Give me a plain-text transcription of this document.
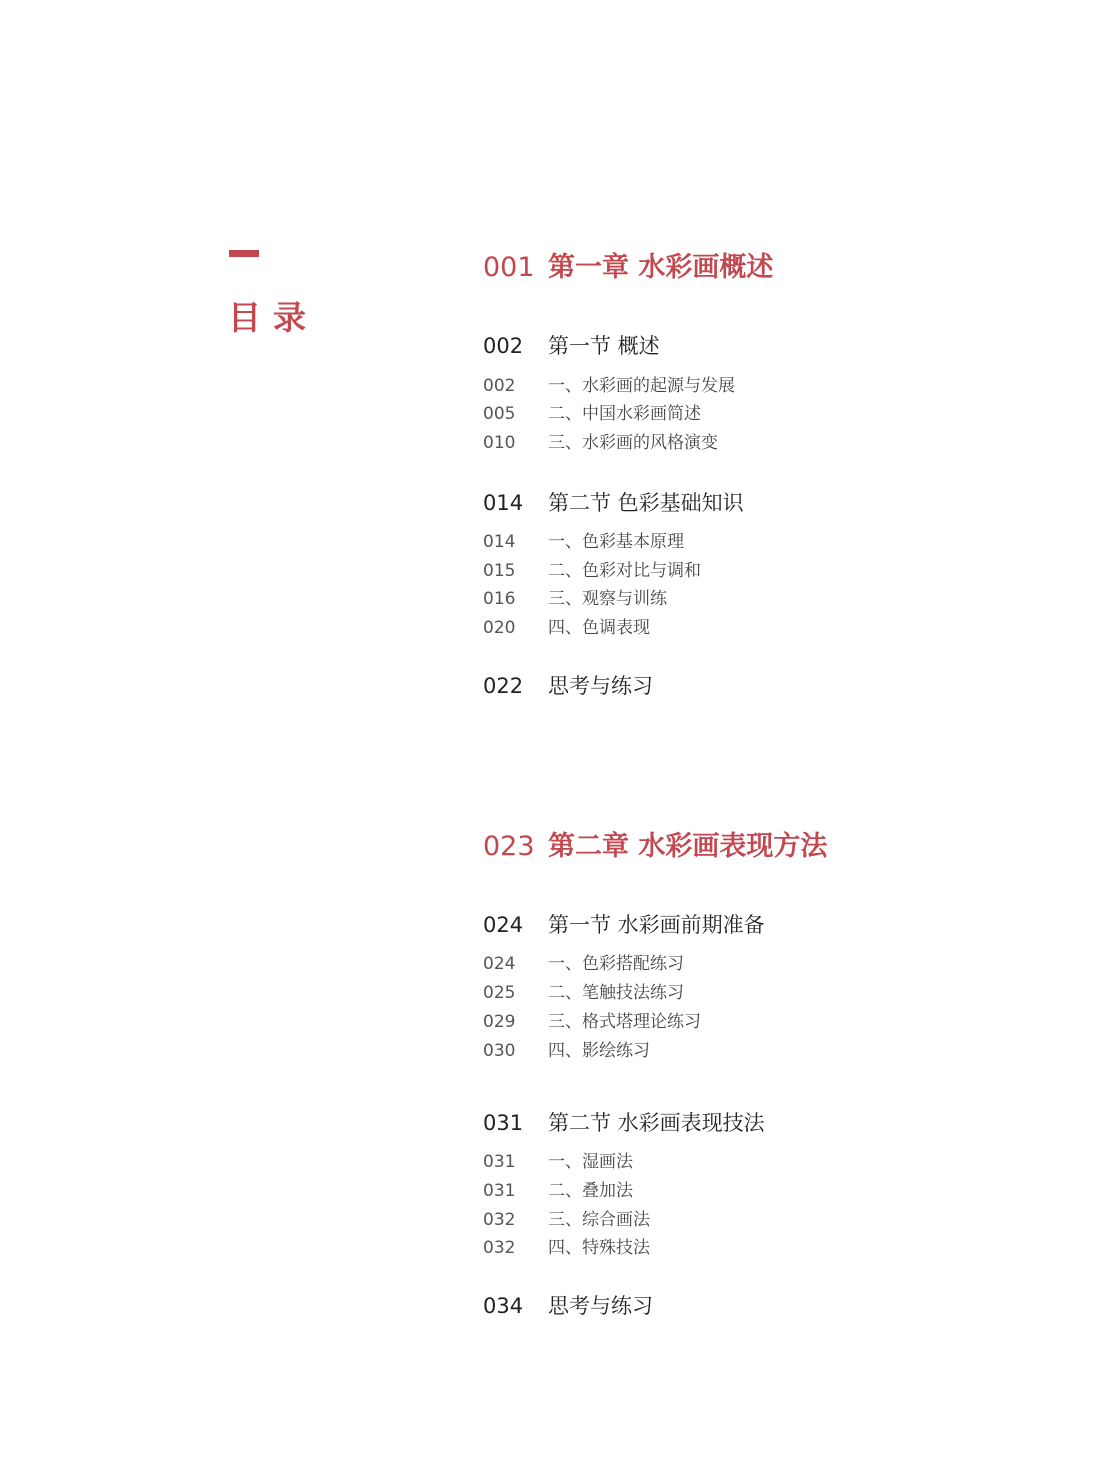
目录
001 第一章 水彩画概述
002 第一节 概述
002 一、水彩画的起源与发展
005 二、中国水彩画简述
010 三、水彩画的风格演变
014 第二节 色彩基础知识
014 一、色彩基本原理
015 二、色彩对比与调和
016 三、观察与训练
020 四、色调表现
022 思考与练习
023 第二章 水彩画表现方法
024 第一节 水彩画前期准备
024 一、色彩搭配练习
025 二、笔触技法练习
029 三、格式塔理论练习
030 四、影绘练习
031 第二节 水彩画表现技法
031 一、湿画法
031 二、叠加法
032 三、综合画法
032 四、特殊技法
034 思考与练习
